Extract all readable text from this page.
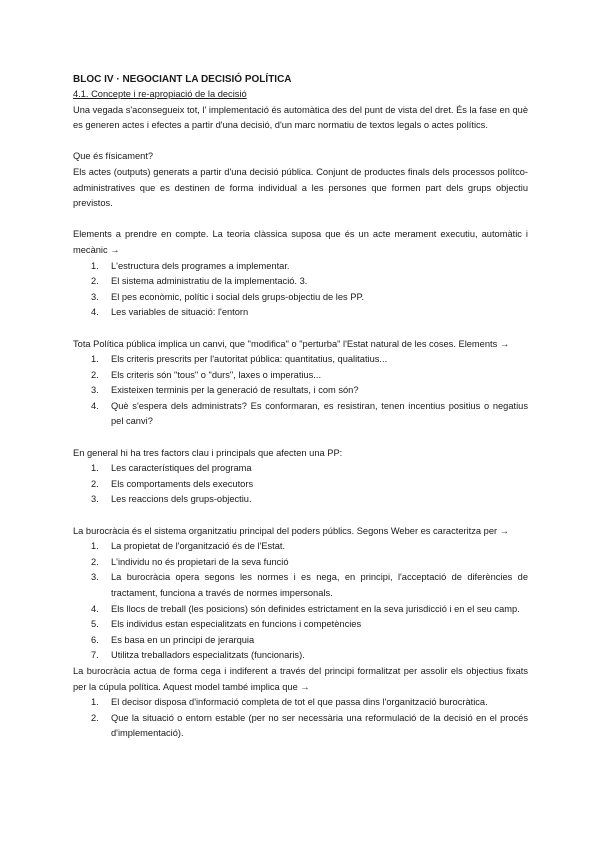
BLOC IV · NEGOCIANT LA DECISIÓ POLÍTICA

4.1. Concepte i re-apropiació de la decisió

Una vegada s'aconsegueix tot, l' implementació és automàtica des del punt de vista del dret. És la fase en què es generen actes i efectes a partir d'una decisió, d'un marc normatiu de textos legals o actes polítics.

Que és físicament?

Els actes (outputs) generats a partir d'una decisió pública. Conjunt de productes finals dels processos polítco-administratives que es destinen de forma individual a les persones que formen part dels grups objectiu previstos.

Elements a prendre en compte. La teoria clàssica suposa que és un acte merament executiu, automàtic i mecànic →

1. L'estructura dels programes a implementar.
2. El sistema administratiu de la implementació. 3.
3. El pes econòmic, polític i social dels grups-objectiu de les PP.
4. Les variables de situació: l'entorn

Tota Política pública implica un canvi, que "modifica" o "perturba" l'Estat natural de les coses. Elements →

1. Els criteris prescrits per l'autoritat pública: quantitatius, qualitatius...
2. Els criteris són "tous" o "durs", laxes o imperatius...
3. Existeixen terminis per la generació de resultats, i com són?
4. Què s'espera dels administrats? Es conformaran, es resistiran, tenen incentius positius o negatius pel canvi?

En general hi ha tres factors clau i principals que afecten una PP:

1. Les característiques del programa
2. Els comportaments dels executors
3. Les reaccions dels grups-objectiu.

La burocràcia és el sistema organitzatiu principal del poders públics. Segons Weber es caracteritza per →

1. La propietat de l'organització és de l'Estat.
2. L'individu no és propietari de la seva funció
3. La burocràcia opera segons les normes i es nega, en principi, l'acceptació de diferències de tractament, funciona a través de normes impersonals.
4. Els llocs de treball (les posicions) són definides estrictament en la seva jurisdicció i en el seu camp.
5. Els individus estan especialitzats en funcions i competències
6. Es basa en un principi de jerarquia
7. Utilitza treballadors especialitzats (funcionaris).

La burocràcia actua de forma cega i indiferent a través del principi formalitzat per assolir els objectius fixats per la cúpula política. Aquest model també implica que →

1. El decisor disposa d'informació completa de tot el que passa dins l'organització burocràtica.
2. Que la situació o entorn estable (per no ser necessària una reformulació de la decisió en el procés d'implementació).
